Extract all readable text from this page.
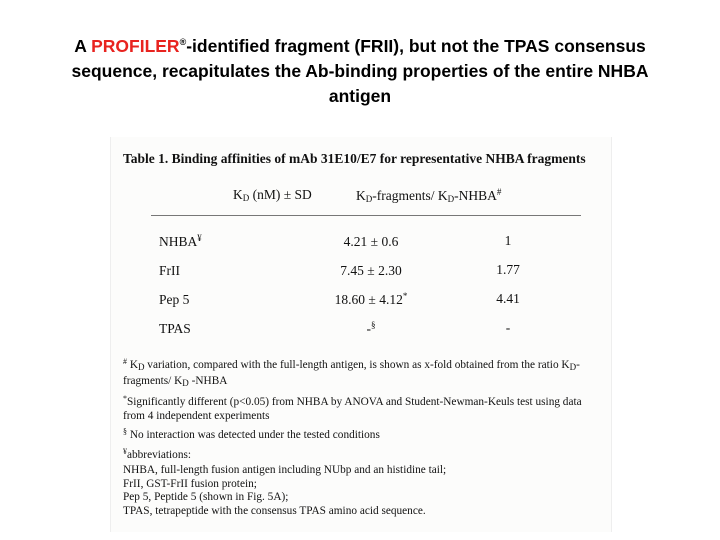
A PROFILER®-identified fragment (FRII), but not the TPAS consensus sequence, recapitulates the Ab-binding properties of the entire NHBA antigen
Table 1. Binding affinities of mAb 31E10/E7 for representative NHBA fragments
$K_D$ (nM) ± SD	$K_D-fragments/$ $K_D-NHBA^{\#}$
NHBA¥	4.21 ± 0.6	1
FrII	7.45 ± 2.30	1.77
Pep 5	18.60 ± 4.12*	4.41
TPAS	-§	-

# $K_D$ variation, compared with the full-length antigen, is shown as x-fold obtained from the ratio $K_D-fragments/$ $K_D$ -NHBA

*Significantly different (p<0.05) from NHBA by ANOVA and Student-Newman-Keuls test using data from 4 independent experiments

§ No interaction was detected under the tested conditions

¥abbreviations:

NHBA, full-length fusion antigen including NUbp and an histidine tail;

FrII, GST-FrII fusion protein;

Pep 5, Peptide 5 (shown in Fig. 5A);

TPAS, tetrapeptide with the consensus TPAS amino acid sequence.
